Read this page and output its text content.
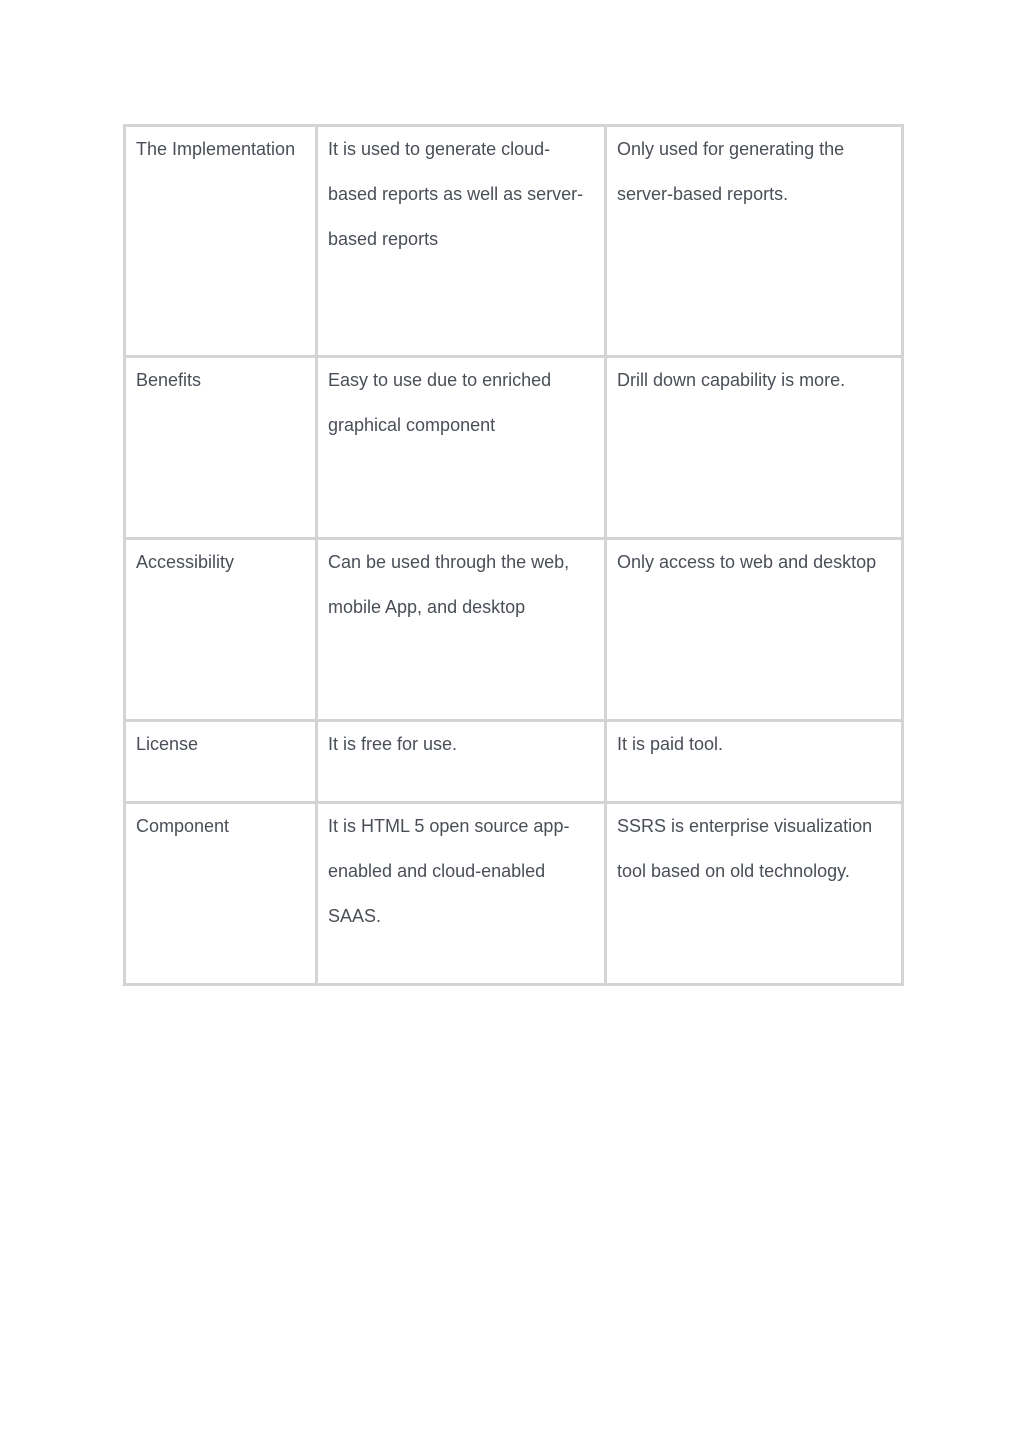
The Implementation	It is used to generate cloud-based reports as well as server-based reports	Only used for generating the server-based reports.

Benefits	Easy to use due to enriched graphical component	Drill down capability is more.

Accessibility	Can be used through the web, mobile App, and desktop	Only access to web and desktop

License	It is free for use.	It is paid tool.

Component	It is HTML 5 open source app-enabled and cloud-enabled SAAS.	SSRS is enterprise visualization tool based on old technology.
